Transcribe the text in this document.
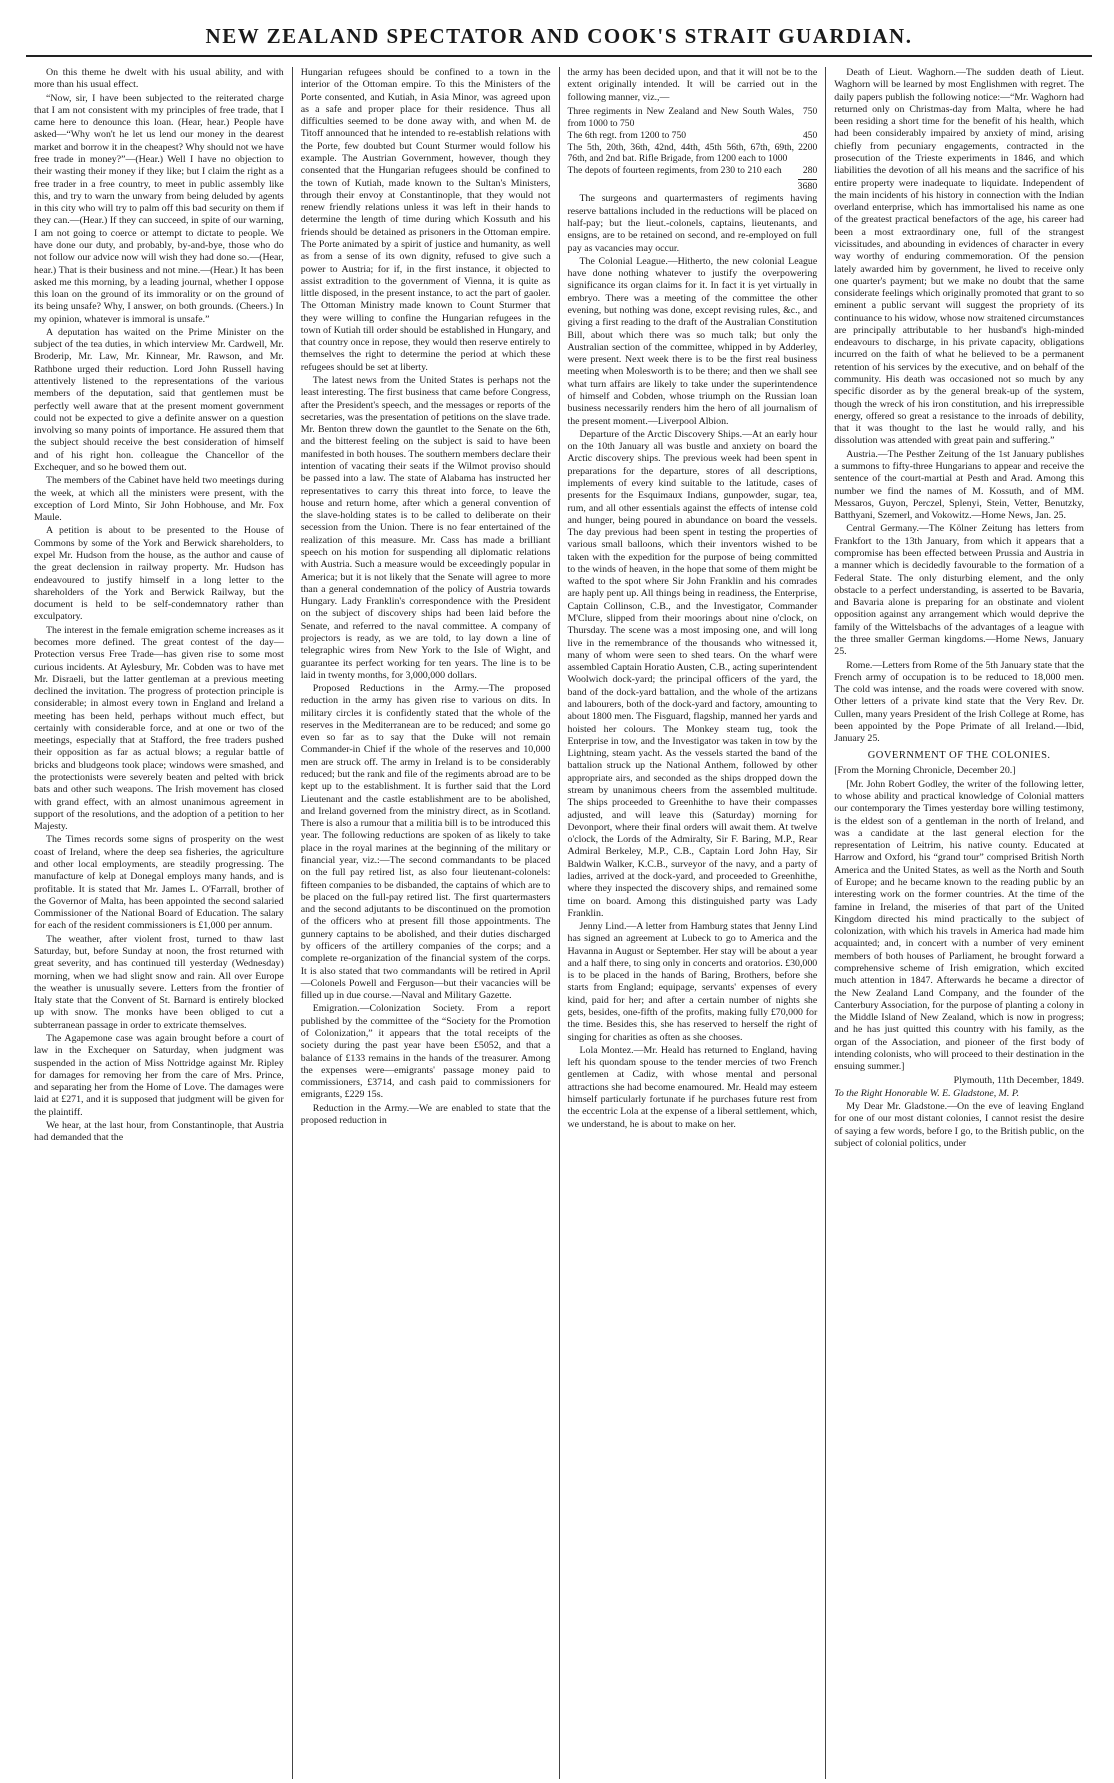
NEW ZEALAND SPECTATOR AND COOK'S STRAIT GUARDIAN.

On this theme he dwelt with his usual ability, and with more than his usual effect.

“Now, sir, I have been subjected to the reiterated charge that I am not consistent with my principles of free trade, that I came here to denounce this loan. (Hear, hear.) People have asked—“Why won't he let us lend our money in the dearest market and borrow it in the cheapest? Why should not we have free trade in money?”—(Hear.) Well I have no objection to their wasting their money if they like; but I claim the right as a free trader in a free country, to meet in public assembly like this, and try to warn the unwary from being deluded by agents in this city who will try to palm off this bad security on them if they can.—(Hear.) If they can succeed, in spite of our warning, I am not going to coerce or attempt to dictate to people. We have done our duty, and probably, by-and-bye, those who do not follow our advice now will wish they had done so.—(Hear, hear.) That is their business and not mine.—(Hear.) It has been asked me this morning, by a leading journal, whether I oppose this loan on the ground of its immorality or on the ground of its being unsafe? Why, I answer, on both grounds. (Cheers.) In my opinion, whatever is immoral is unsafe.”

A deputation has waited on the Prime Minister on the subject of the tea duties, in which interview Mr. Cardwell, Mr. Broderip, Mr. Law, Mr. Kinnear, Mr. Rawson, and Mr. Rathbone urged their reduction. Lord John Russell having attentively listened to the representations of the various members of the deputation, said that gentlemen must be perfectly well aware that at the present moment government could not be expected to give a definite answer on a question involving so many points of importance. He assured them that the subject should receive the best consideration of himself and of his right hon. colleague the Chancellor of the Exchequer, and so he bowed them out.

The members of the Cabinet have held two meetings during the week, at which all the ministers were present, with the exception of Lord Minto, Sir John Hobhouse, and Mr. Fox Maule.

A petition is about to be presented to the House of Commons by some of the York and Berwick shareholders, to expel Mr. Hudson from the house, as the author and cause of the great declension in railway property. Mr. Hudson has endeavoured to justify himself in a long letter to the shareholders of the York and Berwick Railway, but the document is held to be self-condemnatory rather than exculpatory.

The interest in the female emigration scheme increases as it becomes more defined. The great contest of the day—Protection versus Free Trade—has given rise to some most curious incidents. At Aylesbury, Mr. Cobden was to have met Mr. Disraeli, but the latter gentleman at a previous meeting declined the invitation. The progress of protection principle is considerable; in almost every town in England and Ireland a meeting has been held, perhaps without much effect, but certainly with considerable force, and at one or two of the meetings, especially that at Stafford, the free traders pushed their opposition as far as actual blows; a regular battle of bricks and bludgeons took place; windows were smashed, and the protectionists were severely beaten and pelted with brick bats and other such weapons. The Irish movement has closed with grand effect, with an almost unanimous agreement in support of the resolutions, and the adoption of a petition to her Majesty.

The Times records some signs of prosperity on the west coast of Ireland, where the deep sea fisheries, the agriculture and other local employments, are steadily progressing. The manufacture of kelp at Donegal employs many hands, and is profitable. It is stated that Mr. James L. O'Farrall, brother of the Governor of Malta, has been appointed the second salaried Commissioner of the National Board of Education. The salary for each of the resident commissioners is £1,000 per annum.

The weather, after violent frost, turned to thaw last Saturday, but, before Sunday at noon, the frost returned with great severity, and has continued till yesterday (Wednesday) morning, when we had slight snow and rain. All over Europe the weather is unusually severe. Letters from the frontier of Italy state that the Convent of St. Barnard is entirely blocked up with snow. The monks have been obliged to cut a subterranean passage in order to extricate themselves.

The Agapemone case was again brought before a court of law in the Exchequer on Saturday, when judgment was suspended in the action of Miss Nottridge against Mr. Ripley for damages for removing her from the care of Mrs. Prince, and separating her from the Home of Love. The damages were laid at £271, and it is supposed that judgment will be given for the plaintiff.

We hear, at the last hour, from Constantinople, that Austria had demanded that the

Hungarian refugees should be confined to a town in the interior of the Ottoman empire. To this the Ministers of the Porte consented, and Kutiah, in Asia Minor, was agreed upon as a safe and proper place for their residence. Thus all difficulties seemed to be done away with, and when M. de Titoff announced that he intended to re-establish relations with the Porte, few doubted but Count Sturmer would follow his example. The Austrian Government, however, though they consented that the Hungarian refugees should be confined to the town of Kutiah, made known to the Sultan's Ministers, through their envoy at Constantinople, that they would not renew friendly relations unless it was left in their hands to determine the length of time during which Kossuth and his friends should be detained as prisoners in the Ottoman empire. The Porte animated by a spirit of justice and humanity, as well as from a sense of its own dignity, refused to give such a power to Austria; for if, in the first instance, it objected to assist extradition to the government of Vienna, it is quite as little disposed, in the present instance, to act the part of gaoler. The Ottoman Ministry made known to Count Sturmer that they were willing to confine the Hungarian refugees in the town of Kutiah till order should be established in Hungary, and that country once in repose, they would then reserve entirely to themselves the right to determine the period at which these refugees should be set at liberty.

The latest news from the United States is perhaps not the least interesting. The first business that came before Congress, after the President's speech, and the messages or reports of the secretaries, was the presentation of petitions on the slave trade. Mr. Benton threw down the gauntlet to the Senate on the 6th, and the bitterest feeling on the subject is said to have been manifested in both houses. The southern members declare their intention of vacating their seats if the Wilmot proviso should be passed into a law. The state of Alabama has instructed her representatives to carry this threat into force, to leave the house and return home, after which a general convention of the slave-holding states is to be called to deliberate on their secession from the Union. There is no fear entertained of the realization of this measure. Mr. Cass has made a brilliant speech on his motion for suspending all diplomatic relations with Austria. Such a measure would be exceedingly popular in America; but it is not likely that the Senate will agree to more than a general condemnation of the policy of Austria towards Hungary. Lady Franklin's correspondence with the President on the subject of discovery ships had been laid before the Senate, and referred to the naval committee. A company of projectors is ready, as we are told, to lay down a line of telegraphic wires from New York to the Isle of Wight, and guarantee its perfect working for ten years. The line is to be laid in twenty months, for 3,000,000 dollars.

Proposed Reductions in the Army.—The proposed reduction in the army has given rise to various on dits. In military circles it is confidently stated that the whole of the reserves in the Mediterranean are to be reduced; and some go even so far as to say that the Duke will not remain Commander-in Chief if the whole of the reserves and 10,000 men are struck off. The army in Ireland is to be considerably reduced; but the rank and file of the regiments abroad are to be kept up to the establishment. It is further said that the Lord Lieutenant and the castle establishment are to be abolished, and Ireland governed from the ministry direct, as in Scotland. There is also a rumour that a militia bill is to be introduced this year. The following reductions are spoken of as likely to take place in the royal marines at the beginning of the military or financial year, viz.:—The second commandants to be placed on the full pay retired list, as also four lieutenant-colonels: fifteen companies to be disbanded, the captains of which are to be placed on the full-pay retired list. The first quartermasters and the second adjutants to be discontinued on the promotion of the officers who at present fill those appointments. The gunnery captains to be abolished, and their duties discharged by officers of the artillery companies of the corps; and a complete re-organization of the financial system of the corps. It is also stated that two commandants will be retired in April—Colonels Powell and Ferguson—but their vacancies will be filled up in due course.—Naval and Military Gazette.

Emigration.—Colonization Society. From a report published by the committee of the “Society for the Promotion of Colonization,” it appears that the total receipts of the society during the past year have been £5052, and that a balance of £133 remains in the hands of the treasurer. Among the expenses were—emigrants' passage money paid to commissioners, £3714, and cash paid to commissioners for emigrants, £229 15s.

Reduction in the Army.—We are enabled to state that the proposed reduction in

the army has been decided upon, and that it will not be to the extent originally intended. It will be carried out in the following manner, viz.,—

Three regiments in New Zealand and New South Wales, from 1000 to 750	750
The 6th regt. from 1200 to 750	450
The 5th, 20th, 36th, 42nd, 44th, 45th 56th, 67th, 69th, 76th, and 2nd bat. Rifle Brigade, from 1200 each to 1000	2200
The depots of fourteen regiments, from 230 to 210 each	280
3680

The surgeons and quartermasters of regiments having reserve battalions included in the reductions will be placed on half-pay; but the lieut.-colonels, captains, lieutenants, and ensigns, are to be retained on second, and re-employed on full pay as vacancies may occur.

The Colonial League.—Hitherto, the new colonial League have done nothing whatever to justify the overpowering significance its organ claims for it. In fact it is yet virtually in embryo. There was a meeting of the committee the other evening, but nothing was done, except revising rules, &c., and giving a first reading to the draft of the Australian Constitution Bill, about which there was so much talk; but only the Australian section of the committee, whipped in by Adderley, were present. Next week there is to be the first real business meeting when Molesworth is to be there; and then we shall see what turn affairs are likely to take under the superintendence of himself and Cobden, whose triumph on the Russian loan business necessarily renders him the hero of all journalism of the present moment.—Liverpool Albion.

Departure of the Arctic Discovery Ships.—At an early hour on the 10th January all was bustle and anxiety on board the Arctic discovery ships. The previous week had been spent in preparations for the departure, stores of all descriptions, implements of every kind suitable to the latitude, cases of presents for the Esquimaux Indians, gunpowder, sugar, tea, rum, and all other essentials against the effects of intense cold and hunger, being poured in abundance on board the vessels. The day previous had been spent in testing the properties of various small balloons, which their inventors wished to be taken with the expedition for the purpose of being committed to the winds of heaven, in the hope that some of them might be wafted to the spot where Sir John Franklin and his comrades are haply pent up. All things being in readiness, the Enterprise, Captain Collinson, C.B., and the Investigator, Commander M'Clure, slipped from their moorings about nine o'clock, on Thursday. The scene was a most imposing one, and will long live in the remembrance of the thousands who witnessed it, many of whom were seen to shed tears. On the wharf were assembled Captain Horatio Austen, C.B., acting superintendent Woolwich dock-yard; the principal officers of the yard, the band of the dock-yard battalion, and the whole of the artizans and labourers, both of the dock-yard and factory, amounting to about 1800 men. The Fisguard, flagship, manned her yards and hoisted her colours. The Monkey steam tug, took the Enterprise in tow, and the Investigator was taken in tow by the Lightning, steam yacht. As the vessels started the band of the battalion struck up the National Anthem, followed by other appropriate airs, and seconded as the ships dropped down the stream by unanimous cheers from the assembled multitude. The ships proceeded to Greenhithe to have their compasses adjusted, and will leave this (Saturday) morning for Devonport, where their final orders will await them. At twelve o'clock, the Lords of the Admiralty, Sir F. Baring, M.P., Rear Admiral Berkeley, M.P., C.B., Captain Lord John Hay, Sir Baldwin Walker, K.C.B., surveyor of the navy, and a party of ladies, arrived at the dock-yard, and proceeded to Greenhithe, where they inspected the discovery ships, and remained some time on board. Among this distinguished party was Lady Franklin.

Jenny Lind.—A letter from Hamburg states that Jenny Lind has signed an agreement at Lubeck to go to America and the Havanna in August or September. Her stay will be about a year and a half there, to sing only in concerts and oratorios. £30,000 is to be placed in the hands of Baring, Brothers, before she starts from England; equipage, servants' expenses of every kind, paid for her; and after a certain number of nights she gets, besides, one-fifth of the profits, making fully £70,000 for the time. Besides this, she has reserved to herself the right of singing for charities as often as she chooses.

Lola Montez.—Mr. Heald has returned to England, having left his quondam spouse to the tender mercies of two French gentlemen at Cadiz, with whose mental and personal attractions she had become enamoured. Mr. Heald may esteem himself particularly fortunate if he purchases future rest from the eccentric Lola at the expense of a liberal settlement, which, we understand, he is about to make on her.

Death of Lieut. Waghorn.—The sudden death of Lieut. Waghorn will be learned by most Englishmen with regret. The daily papers publish the following notice:—“Mr. Waghorn had returned only on Christmas-day from Malta, where he had been residing a short time for the benefit of his health, which had been considerably impaired by anxiety of mind, arising chiefly from pecuniary engagements, contracted in the prosecution of the Trieste experiments in 1846, and which liabilities the devotion of all his means and the sacrifice of his entire property were inadequate to liquidate. Independent of the main incidents of his history in connection with the Indian overland enterprise, which has immortalised his name as one of the greatest practical benefactors of the age, his career had been a most extraordinary one, full of the strangest vicissitudes, and abounding in evidences of character in every way worthy of enduring commemoration. Of the pension lately awarded him by government, he lived to receive only one quarter's payment; but we make no doubt that the same considerate feelings which originally promoted that grant to so eminent a public servant will suggest the propriety of its continuance to his widow, whose now straitened circumstances are principally attributable to her husband's high-minded endeavours to discharge, in his private capacity, obligations incurred on the faith of what he believed to be a permanent retention of his services by the executive, and on behalf of the community. His death was occasioned not so much by any specific disorder as by the general break-up of the system, though the wreck of his iron constitution, and his irrepressible energy, offered so great a resistance to the inroads of debility, that it was thought to the last he would rally, and his dissolution was attended with great pain and suffering.”

Austria.—The Pesther Zeitung of the 1st January publishes a summons to fifty-three Hungarians to appear and receive the sentence of the court-martial at Pesth and Arad. Among this number we find the names of M. Kossuth, and of MM. Messaros, Guyon, Perczel, Splenyi, Stein, Vetter, Benutzky, Batthyani, Szemerl, and Vokowitz.—Home News, Jan. 25.

Central Germany.—The Kölner Zeitung has letters from Frankfort to the 13th January, from which it appears that a compromise has been effected between Prussia and Austria in a manner which is decidedly favourable to the formation of a Federal State. The only disturbing element, and the only obstacle to a perfect understanding, is asserted to be Bavaria, and Bavaria alone is preparing for an obstinate and violent opposition against any arrangement which would deprive the family of the Wittelsbachs of the advantages of a league with the three smaller German kingdoms.—Home News, January 25.

Rome.—Letters from Rome of the 5th January state that the French army of occupation is to be reduced to 18,000 men. The cold was intense, and the roads were covered with snow. Other letters of a private kind state that the Very Rev. Dr. Cullen, many years President of the Irish College at Rome, has been appointed by the Pope Primate of all Ireland.—Ibid, January 25.

GOVERNMENT OF THE COLONIES.

[From the Morning Chronicle, December 20.]

[Mr. John Robert Godley, the writer of the following letter, to whose ability and practical knowledge of Colonial matters our contemporary the Times yesterday bore willing testimony, is the eldest son of a gentleman in the north of Ireland, and was a candidate at the last general election for the representation of Leitrim, his native county. Educated at Harrow and Oxford, his “grand tour” comprised British North America and the United States, as well as the North and South of Europe; and he became known to the reading public by an interesting work on the former countries. At the time of the famine in Ireland, the miseries of that part of the United Kingdom directed his mind practically to the subject of colonization, with which his travels in America had made him acquainted; and, in concert with a number of very eminent members of both houses of Parliament, he brought forward a comprehensive scheme of Irish emigration, which excited much attention in 1847. Afterwards he became a director of the New Zealand Land Company, and the founder of the Canterbury Association, for the purpose of planting a colony in the Middle Island of New Zealand, which is now in progress; and he has just quitted this country with his family, as the organ of the Association, and pioneer of the first body of intending colonists, who will proceed to their destination in the ensuing summer.]

Plymouth, 11th December, 1849.

To the Right Honorable W. E. Gladstone, M. P.

My Dear Mr. Gladstone.—On the eve of leaving England for one of our most distant colonies, I cannot resist the desire of saying a few words, before I go, to the British public, on the subject of colonial politics, under
